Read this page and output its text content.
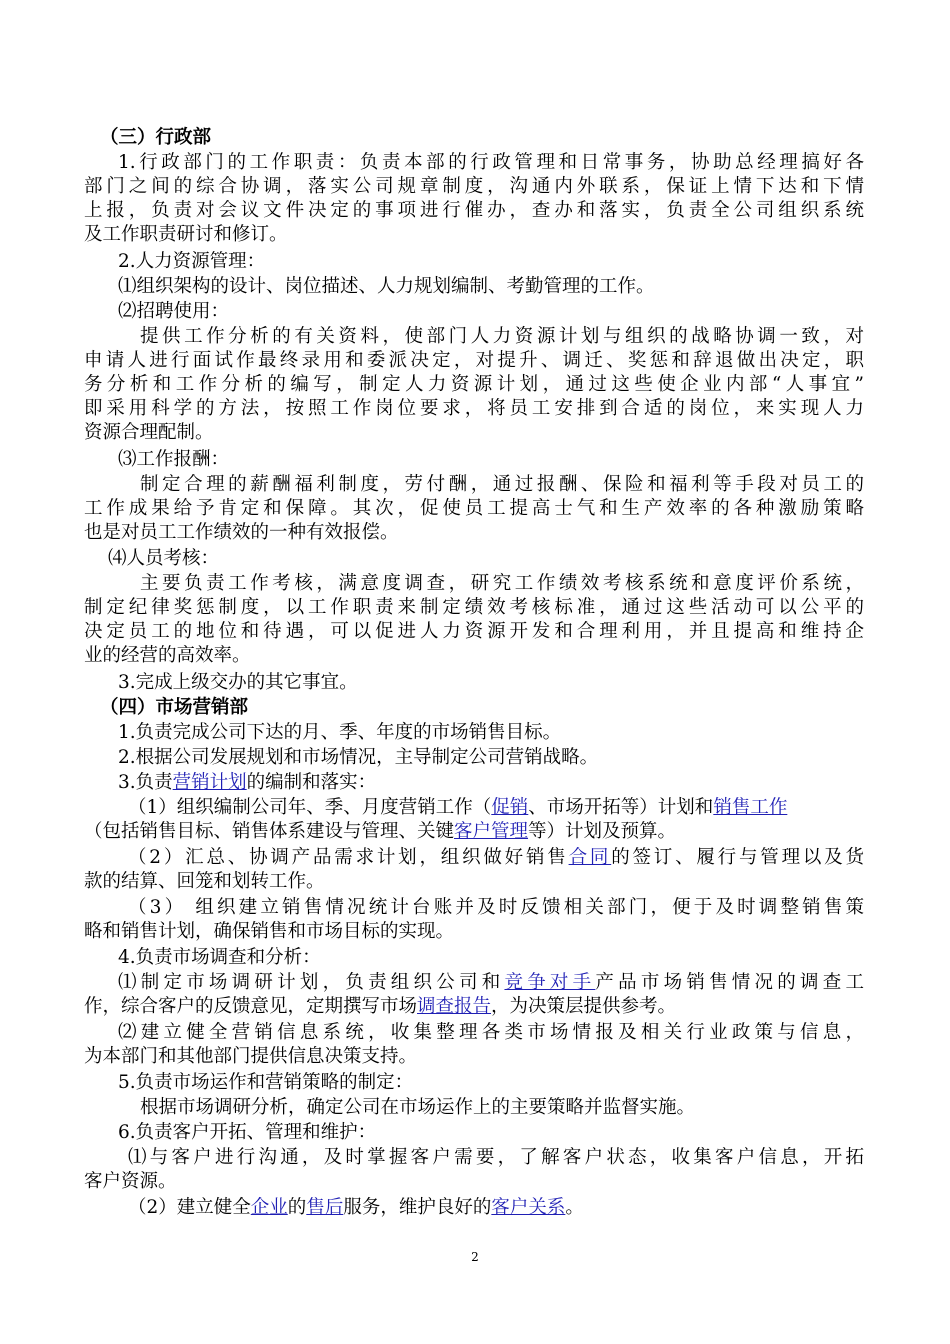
（三）行政部
1.行政部门的工作职责：负责本部的行政管理和日常事务，协助总经理搞好各
部门之间的综合协调，落实公司规章制度，沟通内外联系，保证上情下达和下情
上报，负责对会议文件决定的事项进行催办，查办和落实，负责全公司组织系统
及工作职责研讨和修订。
2.人力资源管理：
⑴组织架构的设计、岗位描述、人力规划编制、考勤管理的工作。
⑵招聘使用：
提供工作分析的有关资料，使部门人力资源计划与组织的战略协调一致，对
申请人进行面试作最终录用和委派决定，对提升、调迁、奖惩和辞退做出决定，职
务分析和工作分析的编写，制定人力资源计划，通过这些使企业内部“人事宜”
即采用科学的方法，按照工作岗位要求，将员工安排到合适的岗位，来实现人力
资源合理配制。
⑶工作报酬：
制定合理的薪酬福利制度，劳付酬，通过报酬、保险和福利等手段对员工的
工作成果给予肯定和保障。其次，促使员工提高士气和生产效率的各种激励策略
也是对员工工作绩效的一种有效报偿。
⑷人员考核：
主要负责工作考核，满意度调查，研究工作绩效考核系统和意度评价系统，
制定纪律奖惩制度，以工作职责来制定绩效考核标准，通过这些活动可以公平的
决定员工的地位和待遇，可以促进人力资源开发和合理利用，并且提高和维持企
业的经营的高效率。
3.完成上级交办的其它事宜。
（四）市场营销部
1.负责完成公司下达的月、季、年度的市场销售目标。
2.根据公司发展规划和市场情况，主导制定公司营销战略。
3.负责营销计划的编制和落实：
（1）组织编制公司年、季、月度营销工作（促销、市场开拓等）计划和销售工作
（包括销售目标、销售体系建设与管理、关键客户管理等）计划及预算。
（2）汇总、协调产品需求计划，组织做好销售合同的签订、履行与管理以及货
款的结算、回笼和划转工作。
（3） 组织建立销售情况统计台账并及时反馈相关部门，便于及时调整销售策
略和销售计划，确保销售和市场目标的实现。
4.负责市场调查和分析：
⑴制定市场调研计划，负责组织公司和竞争对手产品市场销售情况的调查工
作，综合客户的反馈意见，定期撰写市场调查报告，为决策层提供参考。
⑵建立健全营销信息系统，收集整理各类市场情报及相关行业政策与信息，
为本部门和其他部门提供信息决策支持。
5.负责市场运作和营销策略的制定：
根据市场调研分析，确定公司在市场运作上的主要策略并监督实施。
6.负责客户开拓、管理和维护：
⑴与客户进行沟通，及时掌握客户需要，了解客户状态，收集客户信息，开拓
客户资源。
（2）建立健全企业的售后服务，维护良好的客户关系。
2
